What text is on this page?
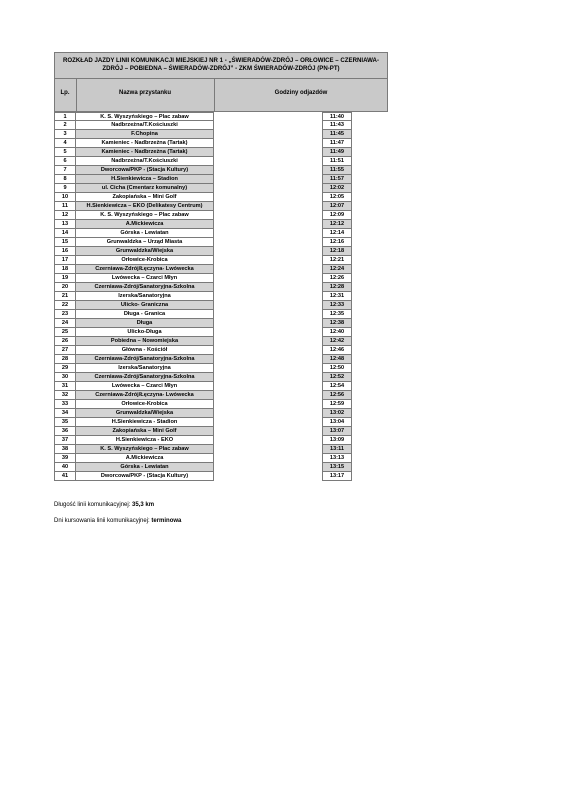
ROZKŁAD JAZDY LINII KOMUNIKACJI MIEJSKIEJ NR 1 - „ŚWIERADÓW-ZDRÓJ – ORŁOWICE – CZERNIAWA-ZDRÓJ – POBIEDNA – ŚWIERADÓW-ZDRÓJ” - ZKM ŚWIERADÓW-ZDRÓJ (PN-PT)
Lp.	Nazwa przystanku	Godziny odjazdów
1	K. S. Wyszyńskiego – Plac zabaw	11:40
2	Nadbrzeżna/T.Kościuszki	11:43
3	F.Chopina	11:45
4	Kamieniec - Nadbrzeżna (Tartak)	11:47
5	Kamieniec - Nadbrzeżna (Tartak)	11:49
6	Nadbrzeżna/T.Kościuszki	11:51
7	Dworcowa/PKP - (Stacja Kultury)	11:55
8	H.Sienkiewicza – Stadion	11:57
9	ul. Cicha (Cmentarz komunalny)	12:02
10	Zakopiańska – Mini Golf	12:05
11	H.Sienkiewicza – EKO (Delikatesy Centrum)	12:07
12	K. S. Wyszyńskiego – Plac zabaw	12:09
13	A.Mickiewicza	12:12
14	Górska - Lewiatan	12:14
15	Grunwaldzka – Urząd Miasta	12:16
16	Grunwaldzka/Wiejska	12:18
17	Orłowice-Krobica	12:21
18	Czerniawa-Zdrój/Łęczyna- Lwówecka	12:24
19	Lwówecka – Czarci Młyn	12:26
20	Czerniawa-Zdrój/Sanatoryjna-Szkolna	12:28
21	Izerska/Sanatoryjna	12:31
22	Ulicko- Graniczna	12:33
23	Długa - Granica	12:35
24	Długa	12:38
25	Ulicko-Długa	12:40
26	Pobiedna – Nowomiejska	12:42
27	Główna - Kościół	12:46
28	Czerniawa-Zdrój/Sanatoryjna-Szkolna	12:48
29	Izerska/Sanatoryjna	12:50
30	Czerniawa-Zdrój/Sanatoryjna-Szkolna	12:52
31	Lwówecka – Czarci Młyn	12:54
32	Czerniawa-Zdrój/Łęczyna- Lwówecka	12:56
33	Orłowice-Krobica	12:59
34	Grunwaldzka/Wiejska	13:02
35	H.Sienkiewicza - Stadion	13:04
36	Zakopiańska – Mini Golf	13:07
37	H.Sienkiewicza - EKO	13:09
38	K. S. Wyszyńskiego – Plac zabaw	13:11
39	A.Mickiewicza	13:13
40	Górska - Lewiatan	13:15
41	Dworcowa/PKP - (Stacja Kultury)	13:17
Długość linii komunikacyjnej: 35,3 km
Dni kursowania linii komunikacyjnej: terminowa
